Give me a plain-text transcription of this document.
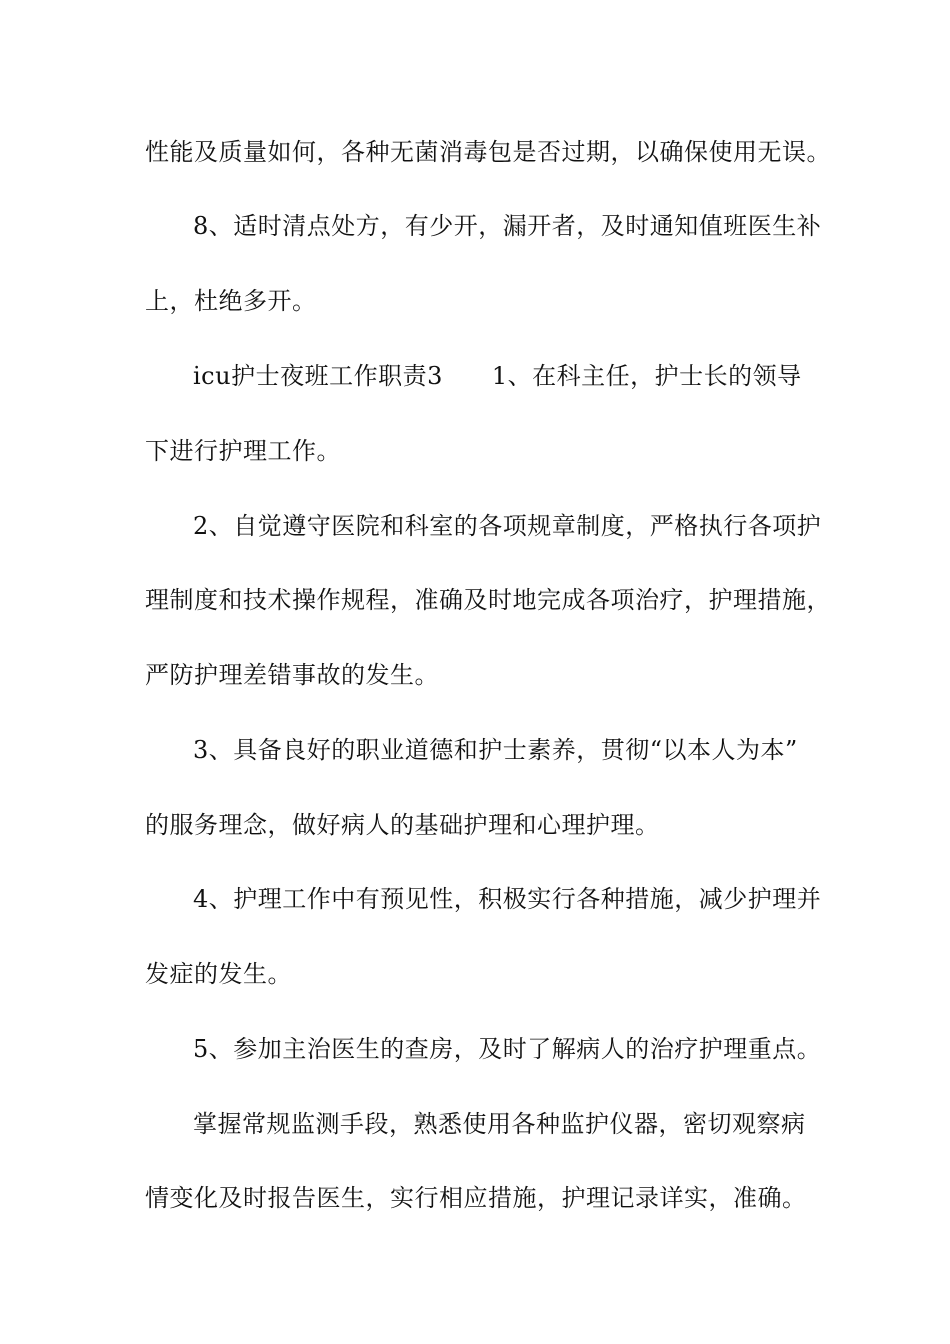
性能及质量如何，各种无菌消毒包是否过期，以确保使用无误。
8、适时清点处方，有少开，漏开者，及时通知值班医生补
上，杜绝多开。
icu护士夜班工作职责3　　1、在科主任，护士长的领导
下进行护理工作。
2、自觉遵守医院和科室的各项规章制度，严格执行各项护
理制度和技术操作规程，准确及时地完成各项治疗，护理措施，
严防护理差错事故的发生。
3、具备良好的职业道德和护士素养，贯彻“以本人为本”
的服务理念，做好病人的基础护理和心理护理。
4、护理工作中有预见性，积极实行各种措施，减少护理并
发症的发生。
5、参加主治医生的查房，及时了解病人的治疗护理重点。
掌握常规监测手段，熟悉使用各种监护仪器，密切观察病
情变化及时报告医生，实行相应措施，护理记录详实，准确。
